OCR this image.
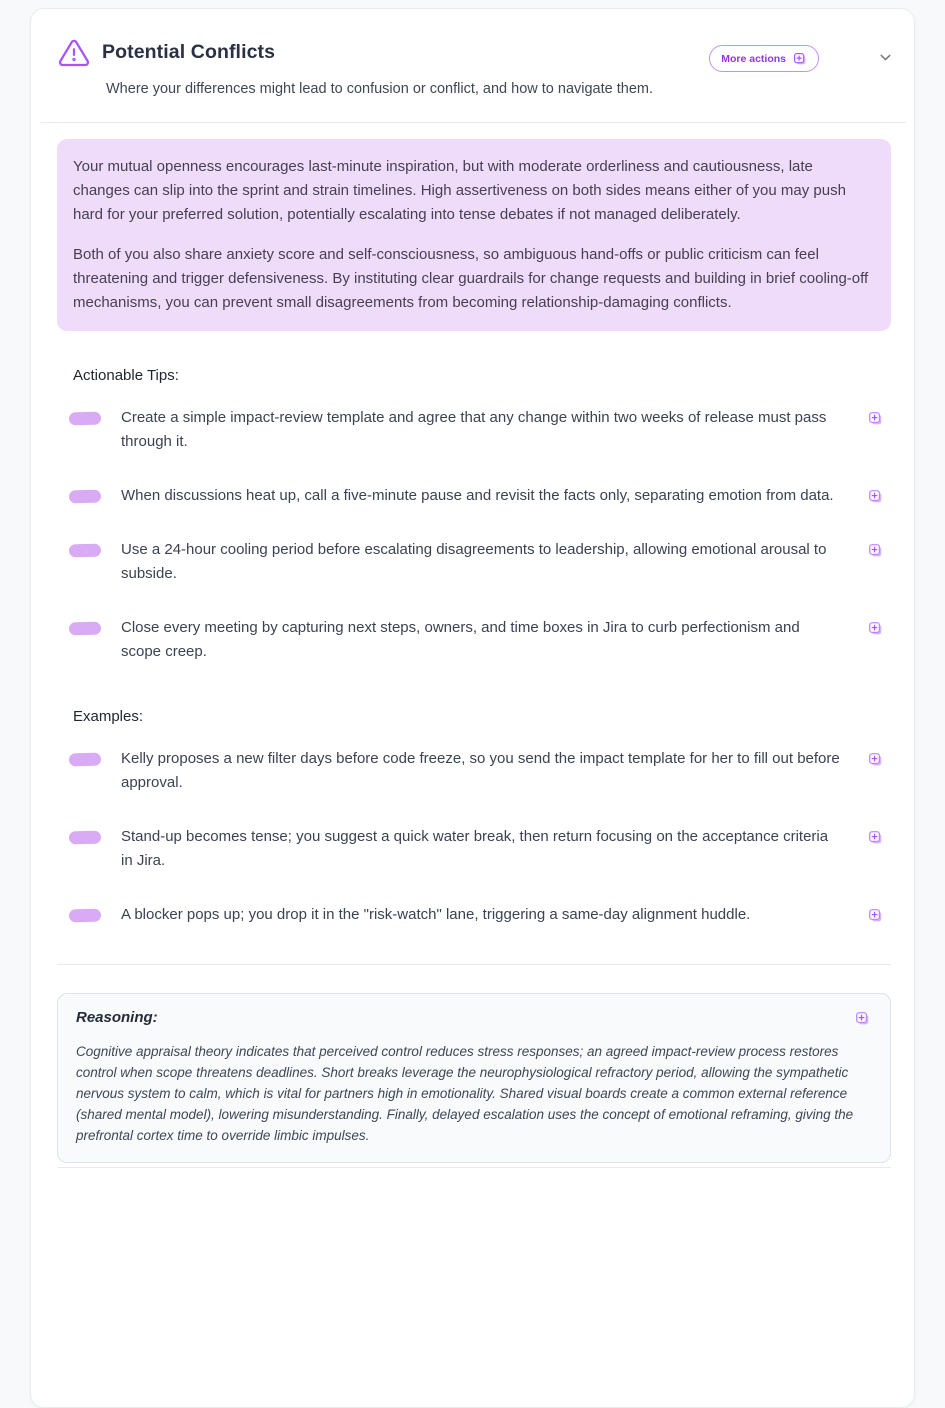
Potential Conflicts

Where your differences might lead to confusion or conflict, and how to navigate them.

More actions

Your mutual openness encourages last-minute inspiration, but with moderate orderliness and cautiousness, late changes can slip into the sprint and strain timelines. High assertiveness on both sides means either of you may push hard for your preferred solution, potentially escalating into tense debates if not managed deliberately.

Both of you also share anxiety score and self-consciousness, so ambiguous hand-offs or public criticism can feel threatening and trigger defensiveness. By instituting clear guardrails for change requests and building in brief cooling-off mechanisms, you can prevent small disagreements from becoming relationship-damaging conflicts.

Actionable Tips:
Create a simple impact-review template and agree that any change within two weeks of release must pass through it.
When discussions heat up, call a five-minute pause and revisit the facts only, separating emotion from data.
Use a 24-hour cooling period before escalating disagreements to leadership, allowing emotional arousal to subside.
Close every meeting by capturing next steps, owners, and time boxes in Jira to curb perfectionism and scope creep.
Examples:
Kelly proposes a new filter days before code freeze, so you send the impact template for her to fill out before approval.
Stand-up becomes tense; you suggest a quick water break, then return focusing on the acceptance criteria in Jira.
A blocker pops up; you drop it in the "risk-watch" lane, triggering a same-day alignment huddle.
Reasoning:

Cognitive appraisal theory indicates that perceived control reduces stress responses; an agreed impact-review process restores control when scope threatens deadlines. Short breaks leverage the neurophysiological refractory period, allowing the sympathetic nervous system to calm, which is vital for partners high in emotionality. Shared visual boards create a common external reference (shared mental model), lowering misunderstanding. Finally, delayed escalation uses the concept of emotional reframing, giving the prefrontal cortex time to override limbic impulses.
